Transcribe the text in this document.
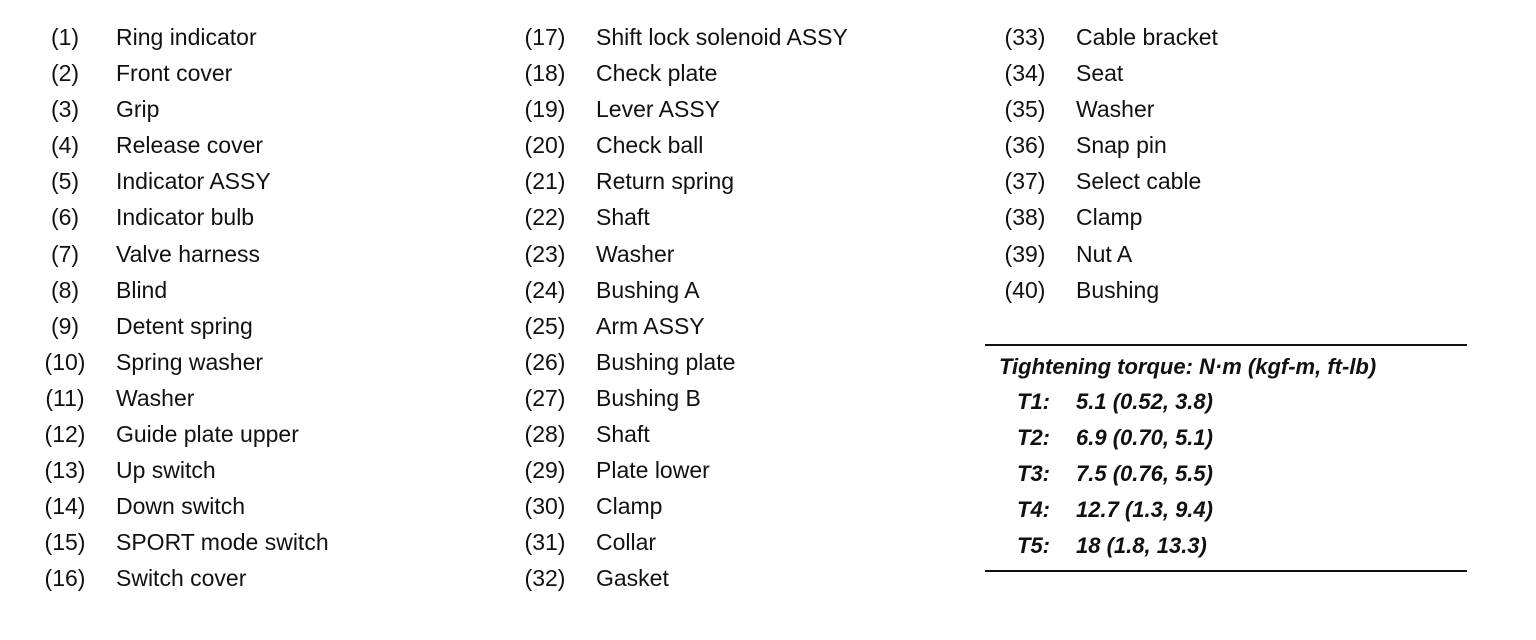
(1) Ring indicator
(2) Front cover
(3) Grip
(4) Release cover
(5) Indicator ASSY
(6) Indicator bulb
(7) Valve harness
(8) Blind
(9) Detent spring
(10) Spring washer
(11) Washer
(12) Guide plate upper
(13) Up switch
(14) Down switch
(15) SPORT mode switch
(16) Switch cover
(17) Shift lock solenoid ASSY
(18) Check plate
(19) Lever ASSY
(20) Check ball
(21) Return spring
(22) Shaft
(23) Washer
(24) Bushing A
(25) Arm ASSY
(26) Bushing plate
(27) Bushing B
(28) Shaft
(29) Plate lower
(30) Clamp
(31) Collar
(32) Gasket
(33) Cable bracket
(34) Seat
(35) Washer
(36) Snap pin
(37) Select cable
(38) Clamp
(39) Nut A
(40) Bushing
Tightening torque: N·m (kgf-m, ft-lb)
T1: 5.1 (0.52, 3.8)
T2: 6.9 (0.70, 5.1)
T3: 7.5 (0.76, 5.5)
T4: 12.7 (1.3, 9.4)
T5: 18 (1.8, 13.3)
